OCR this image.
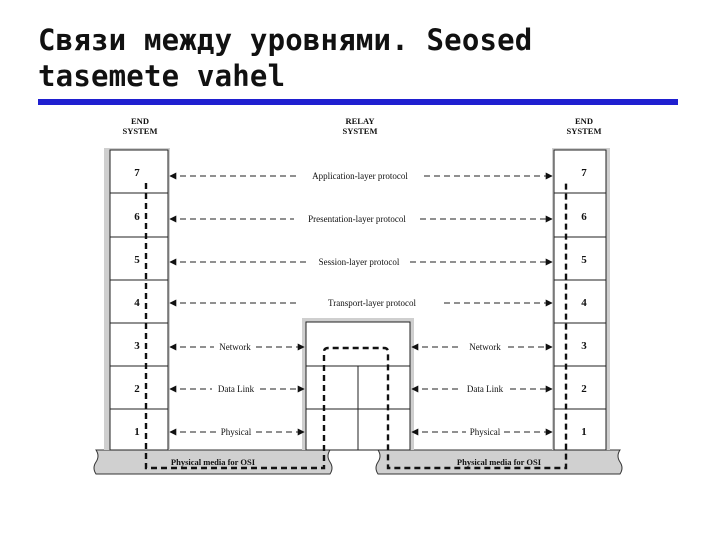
Связи между уровнями. Seosed
tasemete vahel
END
SYSTEM
RELAY
SYSTEM
END
SYSTEM
Physical media for OSI	Physical media for OSI
7
6
5
4
3
2
1
7
6
5
4
3
2
1
Application-layer protocol
Presentation-layer protocol
Session-layer protocol
Transport-layer protocol
Network
Data Link
Physical
Network
Data Link
Physical
